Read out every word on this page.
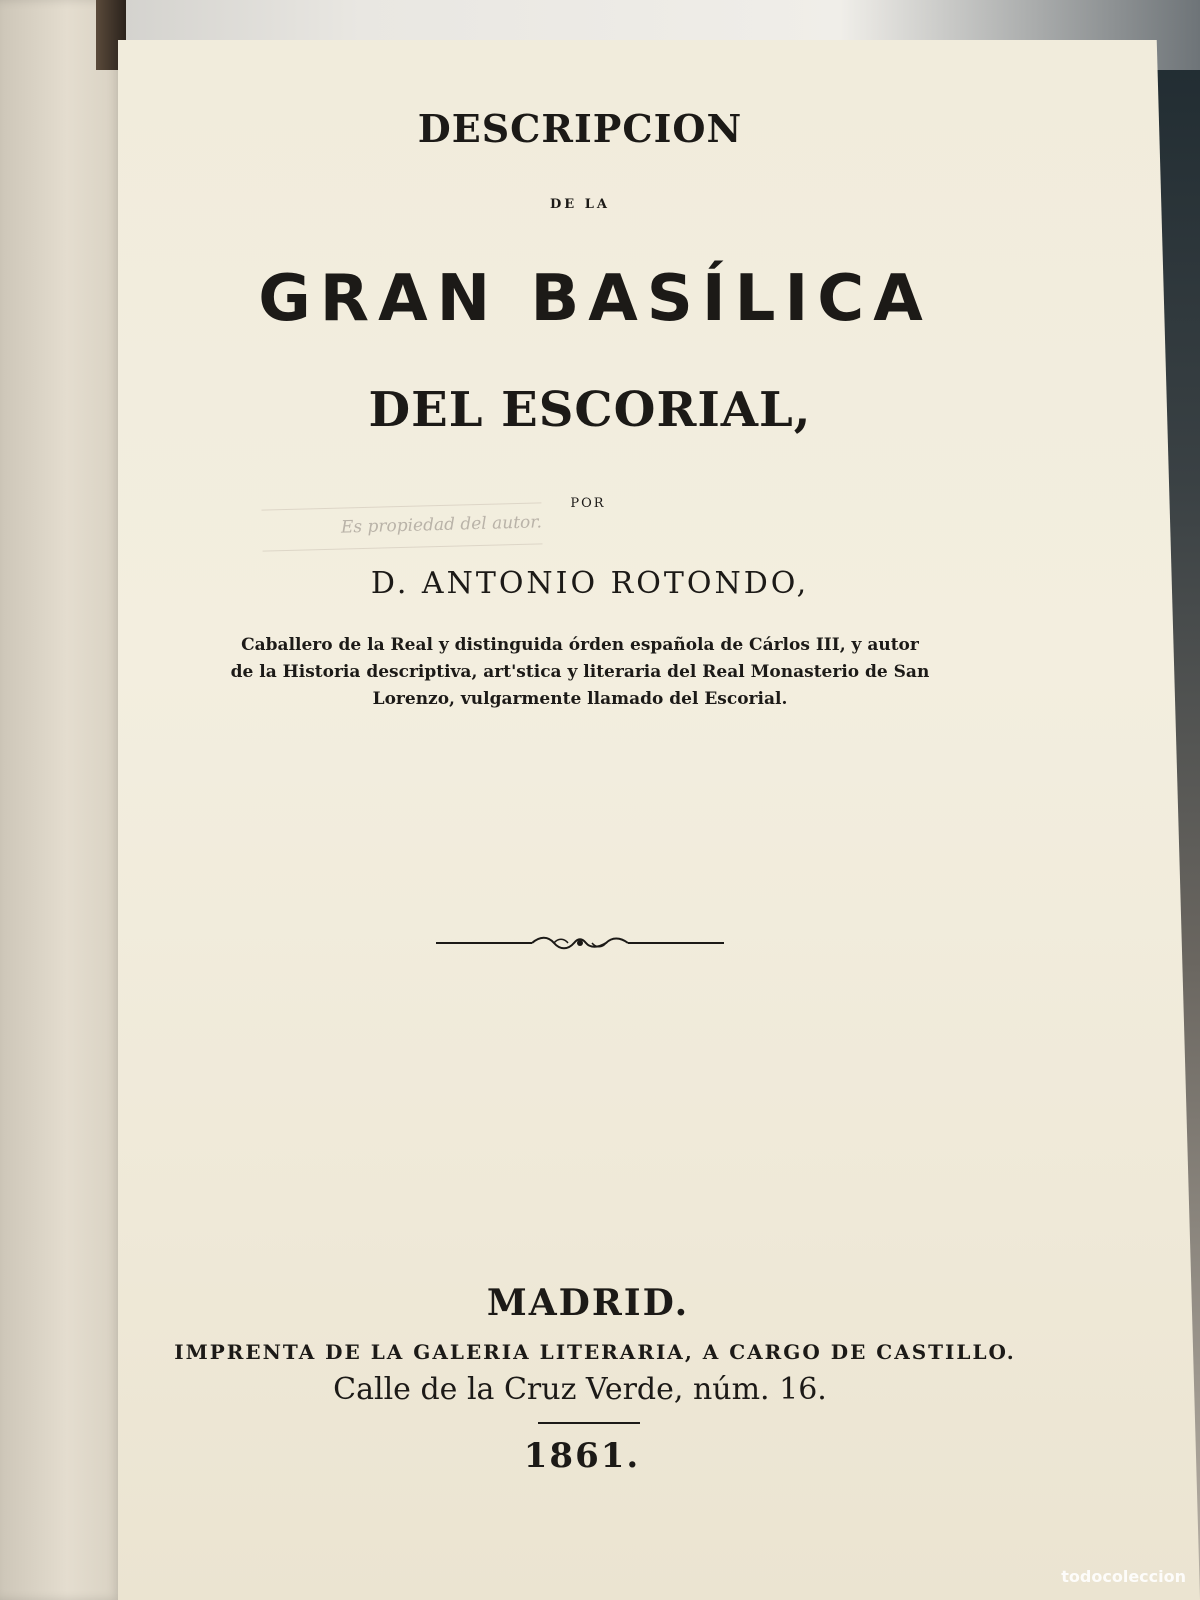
DESCRIPCION
DE LA
GRAN BASÍLICA
DEL ESCORIAL,
POR
Es propiedad del autor.
D. ANTONIO ROTONDO,
Caballero de la Real y distinguida órden española de Cárlos III, y autor
de la Historia descriptiva, art'stica y literaria del Real Monasterio de San
Lorenzo, vulgarmente llamado del Escorial.
MADRID.
IMPRENTA DE LA GALERIA LITERARIA, A CARGO DE CASTILLO.
Calle de la Cruz Verde, núm. 16.
1861.
todocoleccion
